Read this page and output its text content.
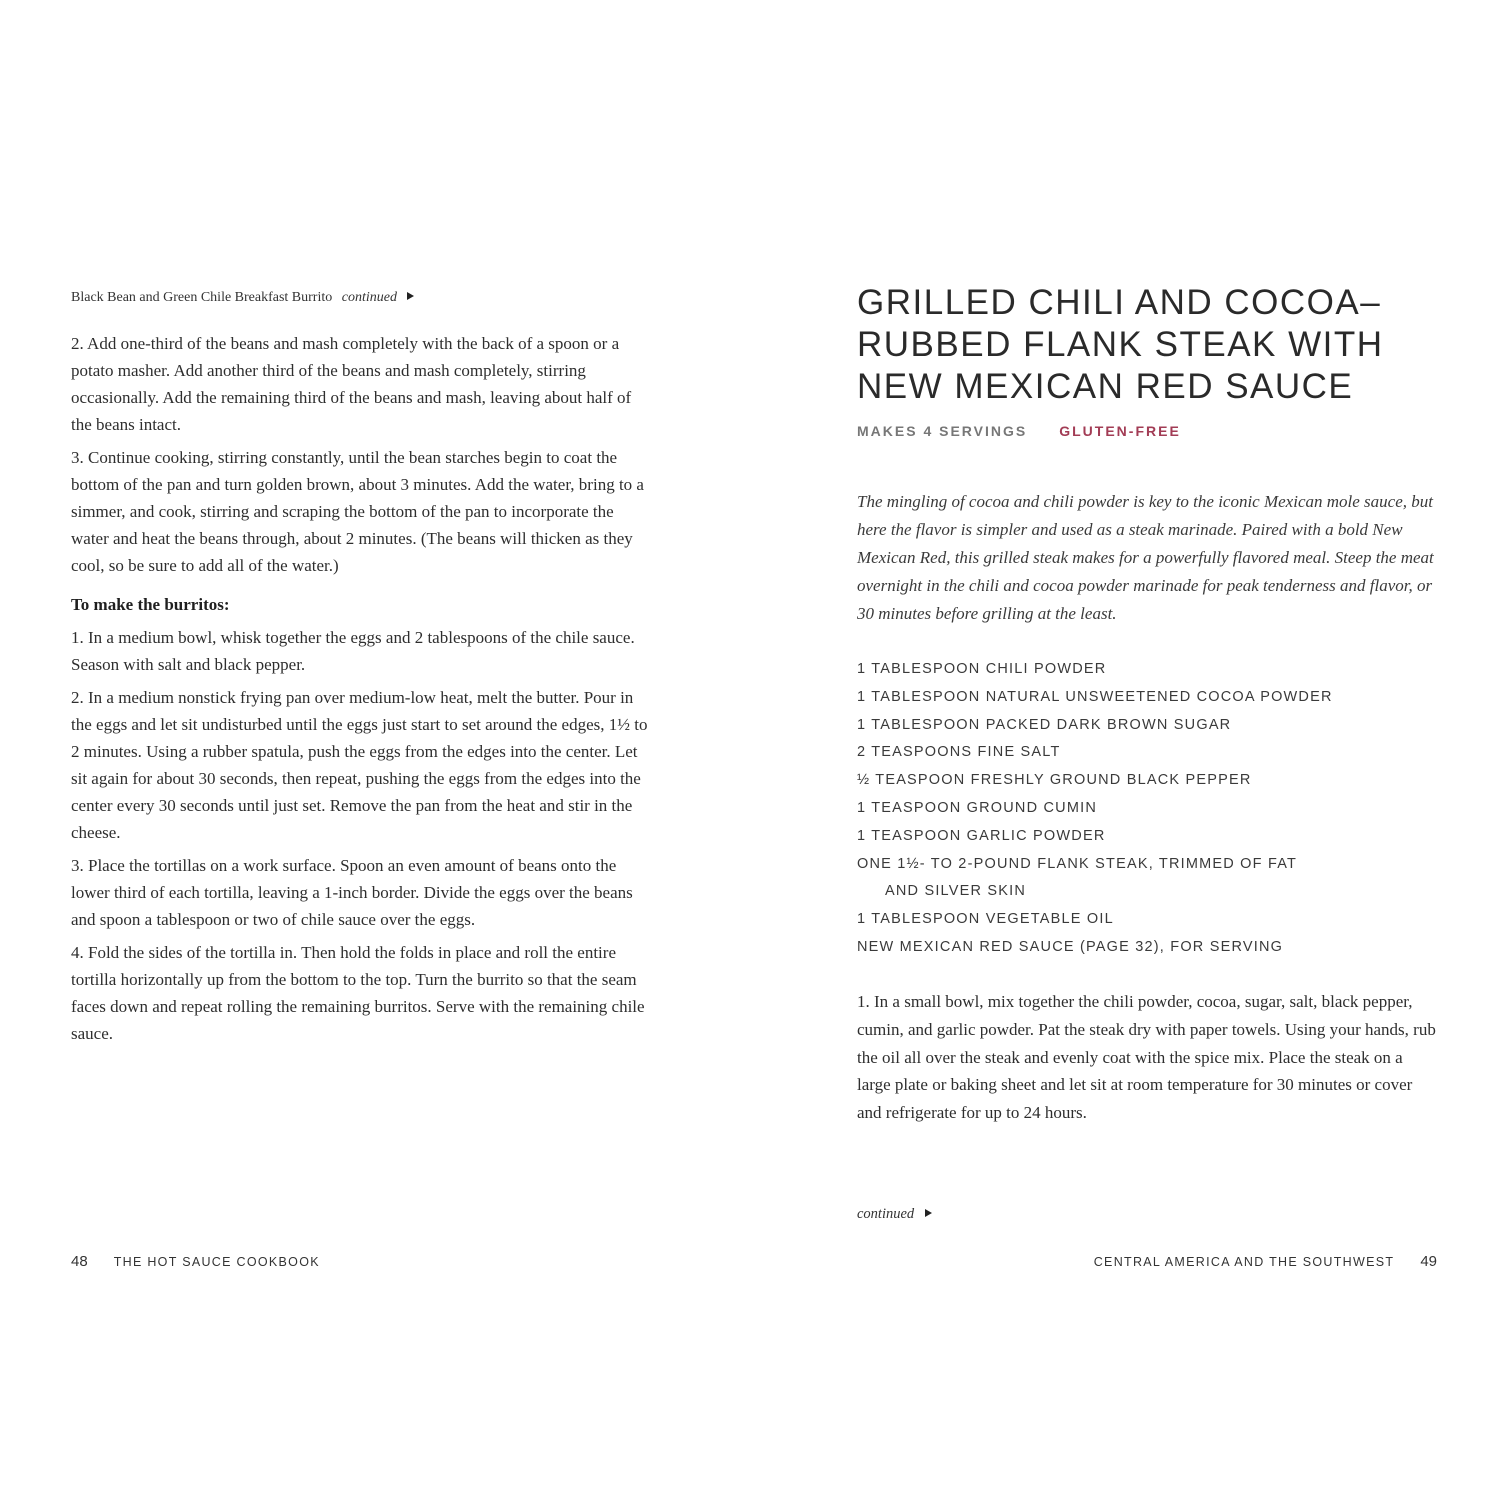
Black Bean and Green Chile Breakfast Burrito continued

2. Add one-third of the beans and mash completely with the back of a spoon or a potato masher. Add another third of the beans and mash completely, stirring occasionally. Add the remaining third of the beans and mash, leaving about half of the beans intact.

3. Continue cooking, stirring constantly, until the bean starches begin to coat the bottom of the pan and turn golden brown, about 3 minutes. Add the water, bring to a simmer, and cook, stirring and scraping the bottom of the pan to incorporate the water and heat the beans through, about 2 minutes. (The beans will thicken as they cool, so be sure to add all of the water.)

To make the burritos:

1. In a medium bowl, whisk together the eggs and 2 tablespoons of the chile sauce. Season with salt and black pepper.

2. In a medium nonstick frying pan over medium-low heat, melt the butter. Pour in the eggs and let sit undisturbed until the eggs just start to set around the edges, 1½ to 2 minutes. Using a rubber spatula, push the eggs from the edges into the center. Let sit again for about 30 seconds, then repeat, pushing the eggs from the edges into the center every 30 seconds until just set. Remove the pan from the heat and stir in the cheese.

3. Place the tortillas on a work surface. Spoon an even amount of beans onto the lower third of each tortilla, leaving a 1-inch border. Divide the eggs over the beans and spoon a tablespoon or two of chile sauce over the eggs.

4. Fold the sides of the tortilla in. Then hold the folds in place and roll the entire tortilla horizontally up from the bottom to the top. Turn the burrito so that the seam faces down and repeat rolling the remaining burritos. Serve with the remaining chile sauce.

48 THE HOT SAUCE COOKBOOK
GRILLED CHILI AND COCOA–RUBBED FLANK STEAK WITH NEW MEXICAN RED SAUCE
MAKES 4 SERVINGS GLUTEN-FREE

The mingling of cocoa and chili powder is key to the iconic Mexican mole sauce, but here the flavor is simpler and used as a steak marinade. Paired with a bold New Mexican Red, this grilled steak makes for a powerfully flavored meal. Steep the meat overnight in the chili and cocoa powder marinade for peak tenderness and flavor, or 30 minutes before grilling at the least.

1 TABLESPOON CHILI POWDER
1 TABLESPOON NATURAL UNSWEETENED COCOA POWDER
1 TABLESPOON PACKED DARK BROWN SUGAR
2 TEASPOONS FINE SALT
½ TEASPOON FRESHLY GROUND BLACK PEPPER
1 TEASPOON GROUND CUMIN
1 TEASPOON GARLIC POWDER
ONE 1½- TO 2-POUND FLANK STEAK, TRIMMED OF FAT
AND SILVER SKIN
1 TABLESPOON VEGETABLE OIL
NEW MEXICAN RED SAUCE (PAGE 32), FOR SERVING

1. In a small bowl, mix together the chili powder, cocoa, sugar, salt, black pepper, cumin, and garlic powder. Pat the steak dry with paper towels. Using your hands, rub the oil all over the steak and evenly coat with the spice mix. Place the steak on a large plate or baking sheet and let sit at room temperature for 30 minutes or cover and refrigerate for up to 24 hours.

continued
CENTRAL AMERICA AND THE SOUTHWEST 49
